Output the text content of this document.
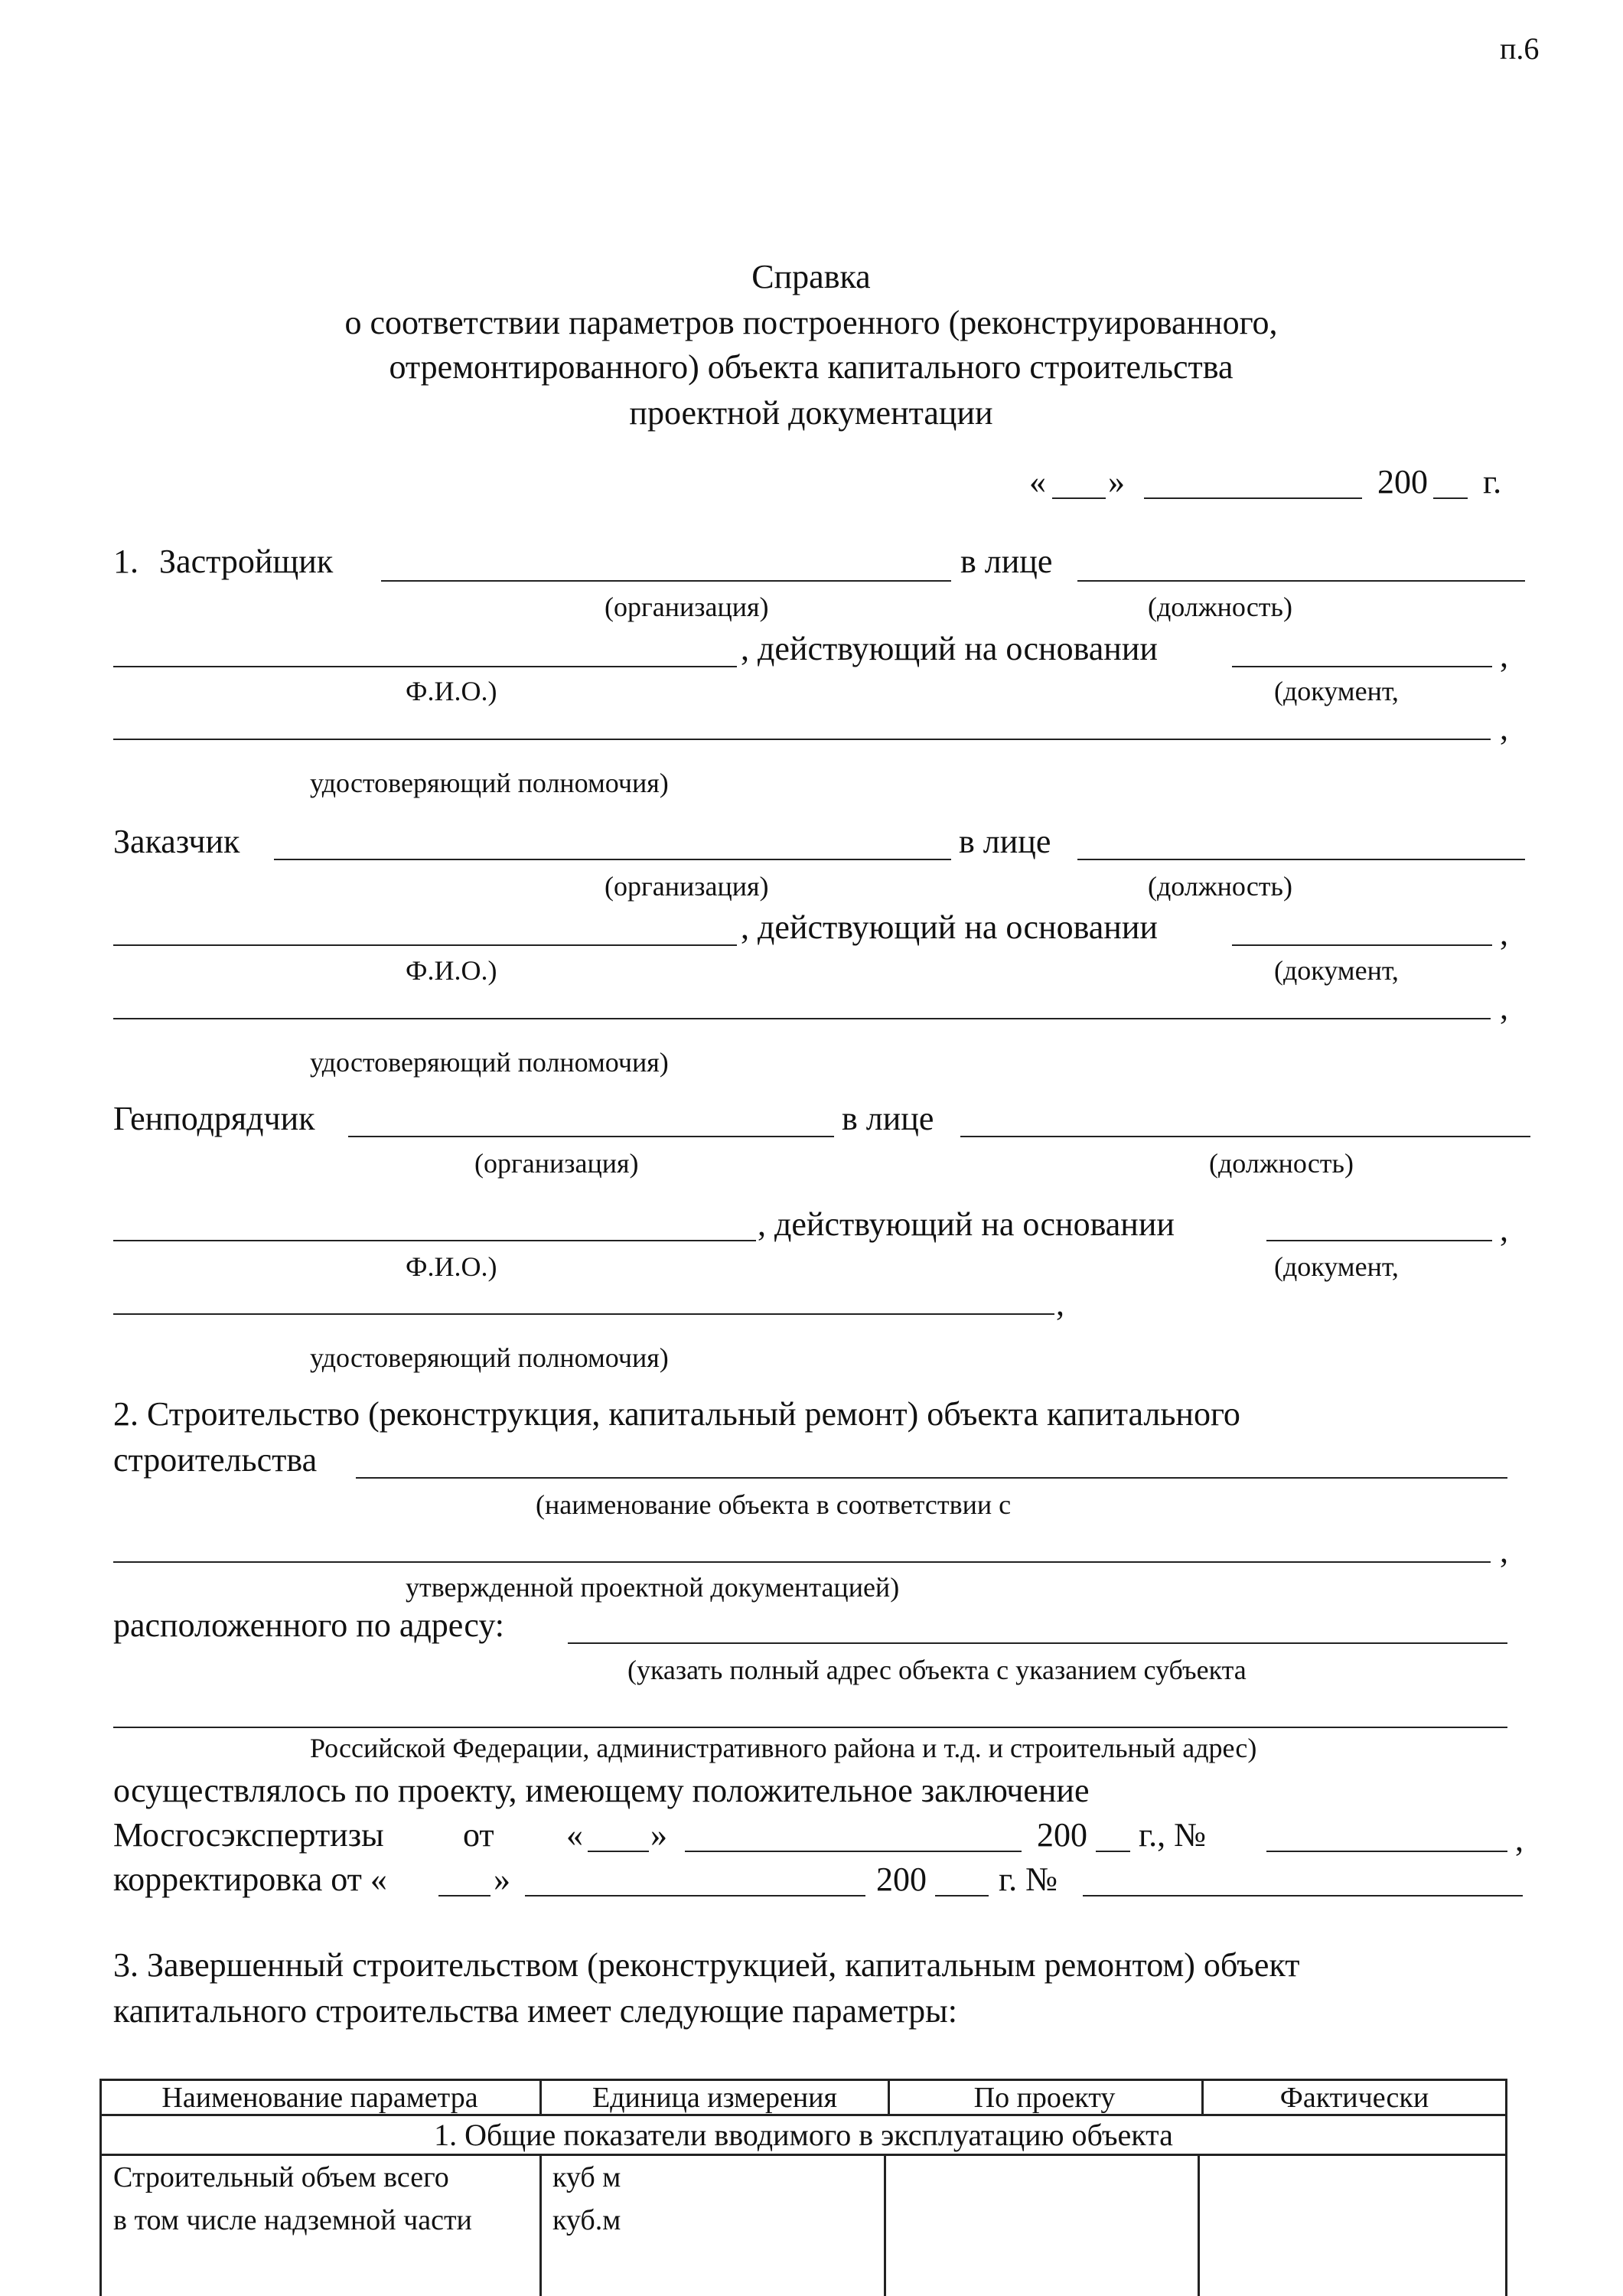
п.6
Справка
о соответствии параметров построенного (реконструированного,
отремонтированного) объекта капитального строительства
проектной документации
« »	200 г.
1. Застройщик	в лице
(организация)	(должность)
, действующий на основании	,
Ф.И.О.)	(документ,
,
удостоверяющий полномочия)
Заказчик	в лице
(организация)	(должность)
, действующий на основании	,
Ф.И.О.)	(документ,
,
удостоверяющий полномочия)
Генподрядчик	в лице
(организация)	(должность)
, действующий на основании	,
Ф.И.О.)	(документ,
,
удостоверяющий полномочия)
2. Строительство (реконструкция, капитальный ремонт) объекта капитального
строительства
(наименование объекта в соответствии с
,
утвержденной проектной документацией)
расположенного по адресу:
(указать полный адрес объекта с указанием субъекта
Российской Федерации, административного района и т.д. и строительный адрес)
осуществлялось по проекту, имеющему положительное заключение
Мосгосэкспертизы от « »	200 г., №	,
корректировка от «	»	200 г. №
3. Завершенный строительством (реконструкцией, капитальным ремонтом) объект
капитального строительства имеет следующие параметры:
Наименование параметра	Единица измерения	По проекту	Фактически
1. Общие показатели вводимого в эксплуатацию объекта
Строительный объем всего	куб м
в том числе надземной части	куб.м
